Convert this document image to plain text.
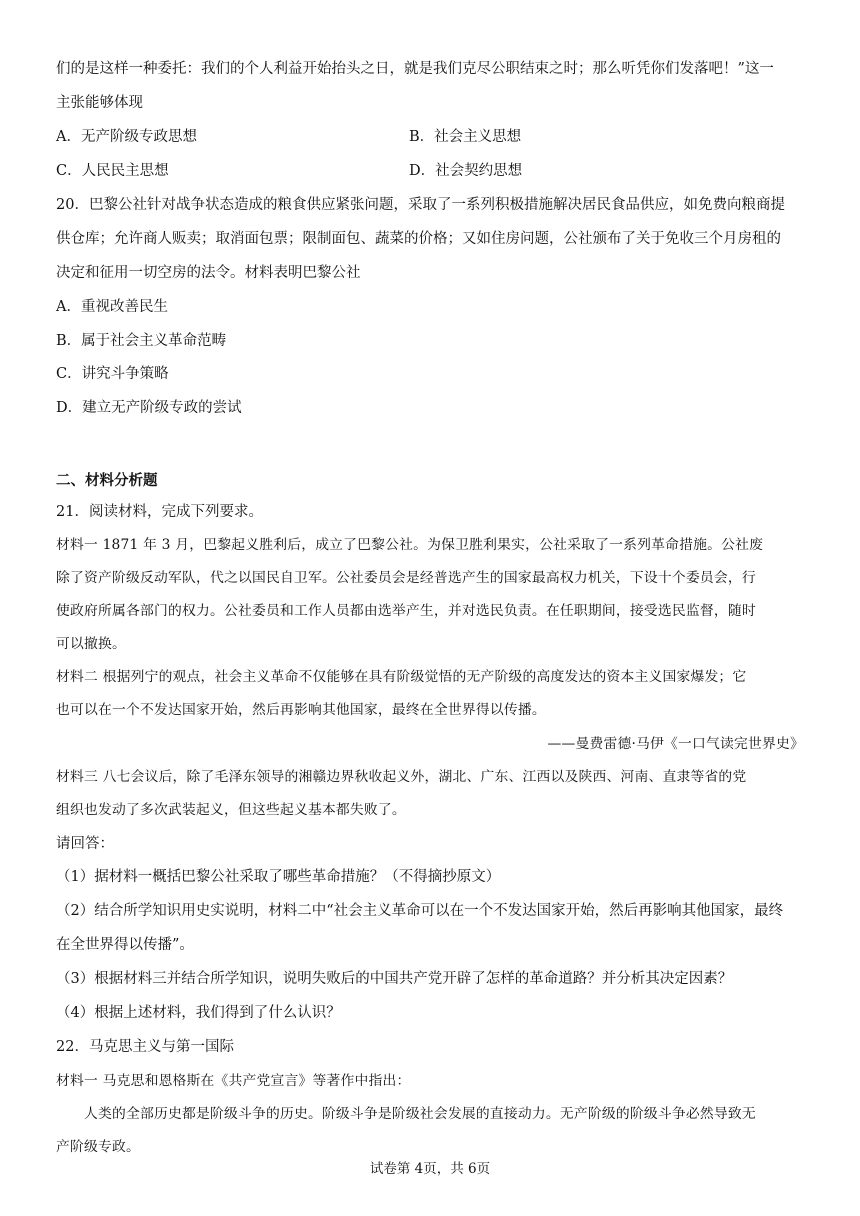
们的是这样一种委托：我们的个人利益开始抬头之日，就是我们克尽公职结束之时；那么听凭你们发落吧！”这一
主张能够体现
A．无产阶级专政思想	B．社会主义思想
C．人民民主思想	D．社会契约思想
20．巴黎公社针对战争状态造成的粮食供应紧张问题，采取了一系列积极措施解决居民食品供应，如免费向粮商提
供仓库；允许商人贩卖；取消面包票；限制面包、蔬菜的价格；又如住房问题，公社颁布了关于免收三个月房租的
决定和征用一切空房的法令。材料表明巴黎公社
A．重视改善民生
B．属于社会主义革命范畴
C．讲究斗争策略
D．建立无产阶级专政的尝试
二、材料分析题
21．阅读材料，完成下列要求。
材料一 1871 年 3 月，巴黎起义胜利后，成立了巴黎公社。为保卫胜利果实，公社采取了一系列革命措施。公社废
除了资产阶级反动军队，代之以国民自卫军。公社委员会是经普选产生的国家最高权力机关，下设十个委员会，行
使政府所属各部门的权力。公社委员和工作人员都由选举产生，并对选民负责。在任职期间，接受选民监督，随时
可以撤换。
材料二 根据列宁的观点，社会主义革命不仅能够在具有阶级觉悟的无产阶级的高度发达的资本主义国家爆发；它
也可以在一个不发达国家开始，然后再影响其他国家，最终在全世界得以传播。
——曼费雷德·马伊《一口气读完世界史》
材料三 八七会议后，除了毛泽东领导的湘赣边界秋收起义外，湖北、广东、江西以及陕西、河南、直隶等省的党
组织也发动了多次武装起义，但这些起义基本都失败了。
请回答：
（1）据材料一概括巴黎公社采取了哪些革命措施？（不得摘抄原文）
（2）结合所学知识用史实说明，材料二中“社会主义革命可以在一个不发达国家开始，然后再影响其他国家，最终
在全世界得以传播”。
（3）根据材料三并结合所学知识，说明失败后的中国共产党开辟了怎样的革命道路？并分析其决定因素？
（4）根据上述材料，我们得到了什么认识？
22．马克思主义与第一国际
材料一 马克思和恩格斯在《共产党宣言》等著作中指出：
　　人类的全部历史都是阶级斗争的历史。阶级斗争是阶级社会发展的直接动力。无产阶级的阶级斗争必然导致无
产阶级专政。
试卷第 4页，共 6页
